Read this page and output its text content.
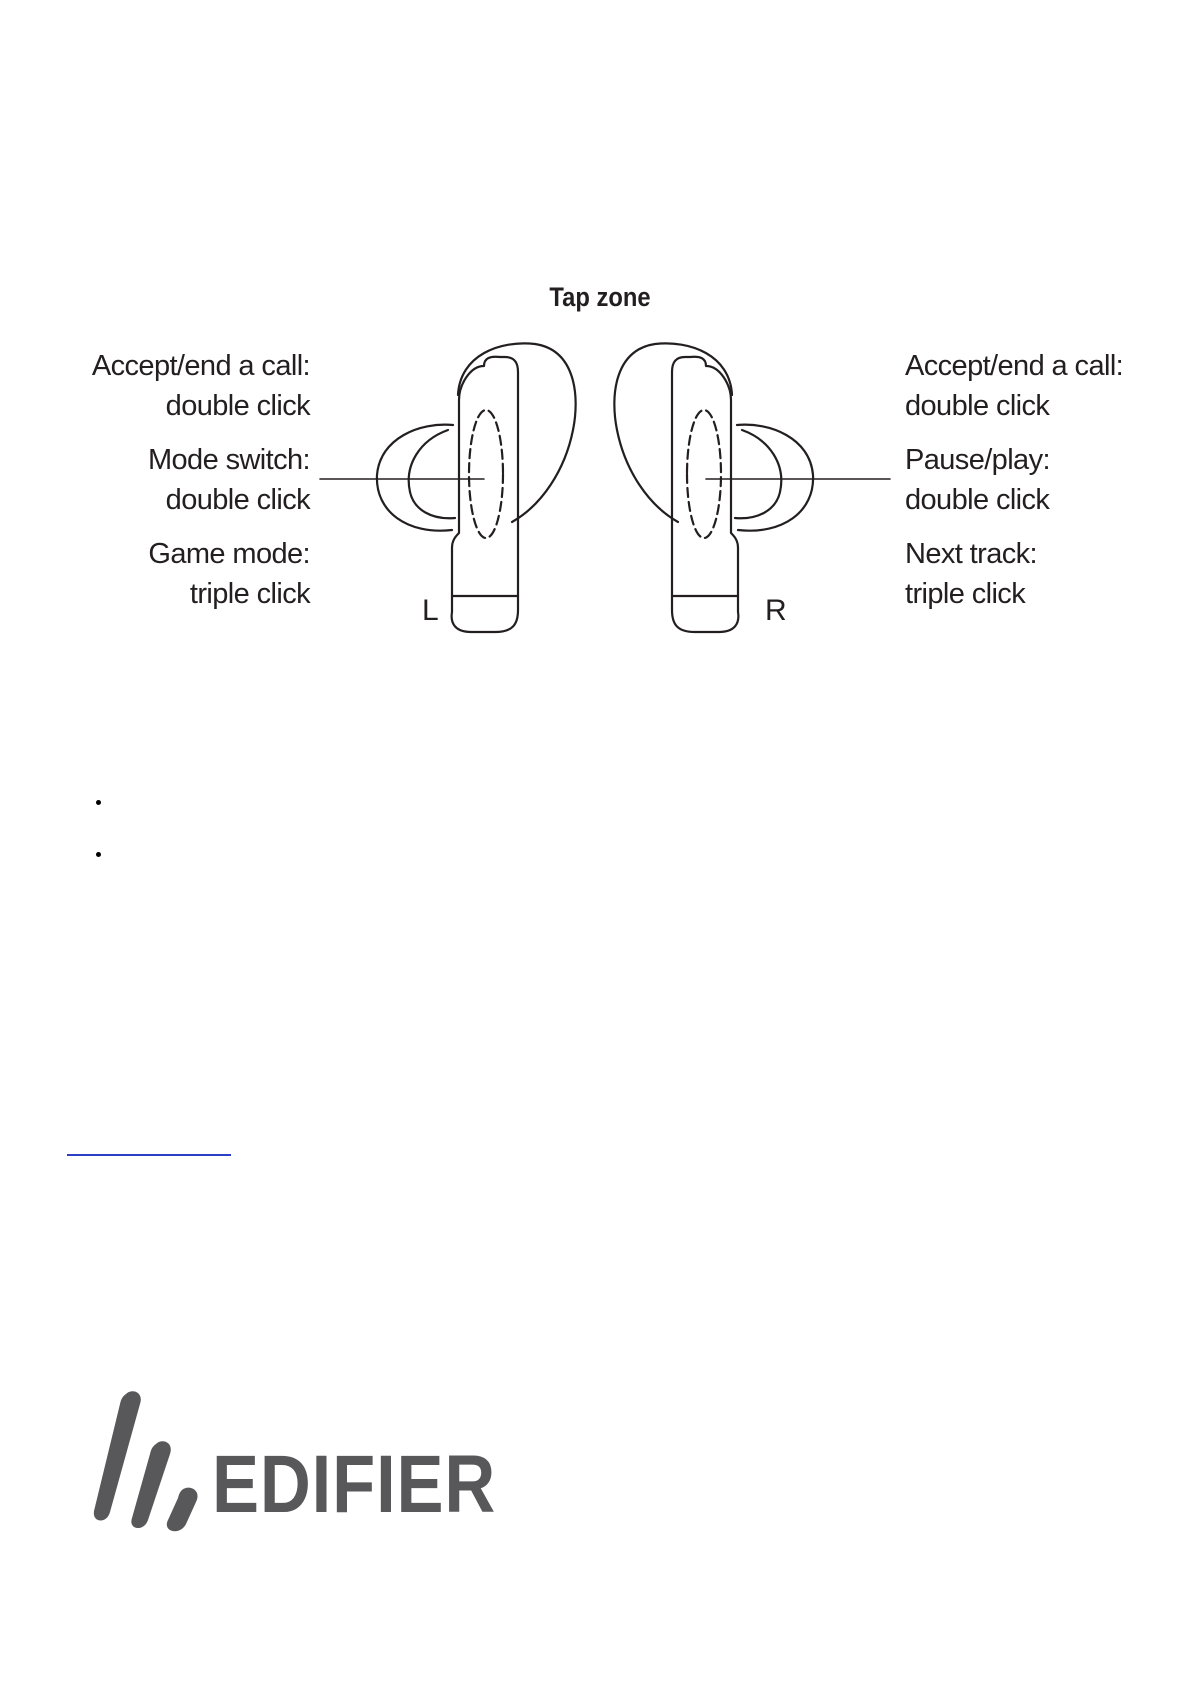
Tap zone
Accept/end a call:
double click
Mode switch:
double click
Game mode:
triple click
Accept/end a call:
double click
Pause/play:
double click
Next track:
triple click
L	R
EDIFIER
